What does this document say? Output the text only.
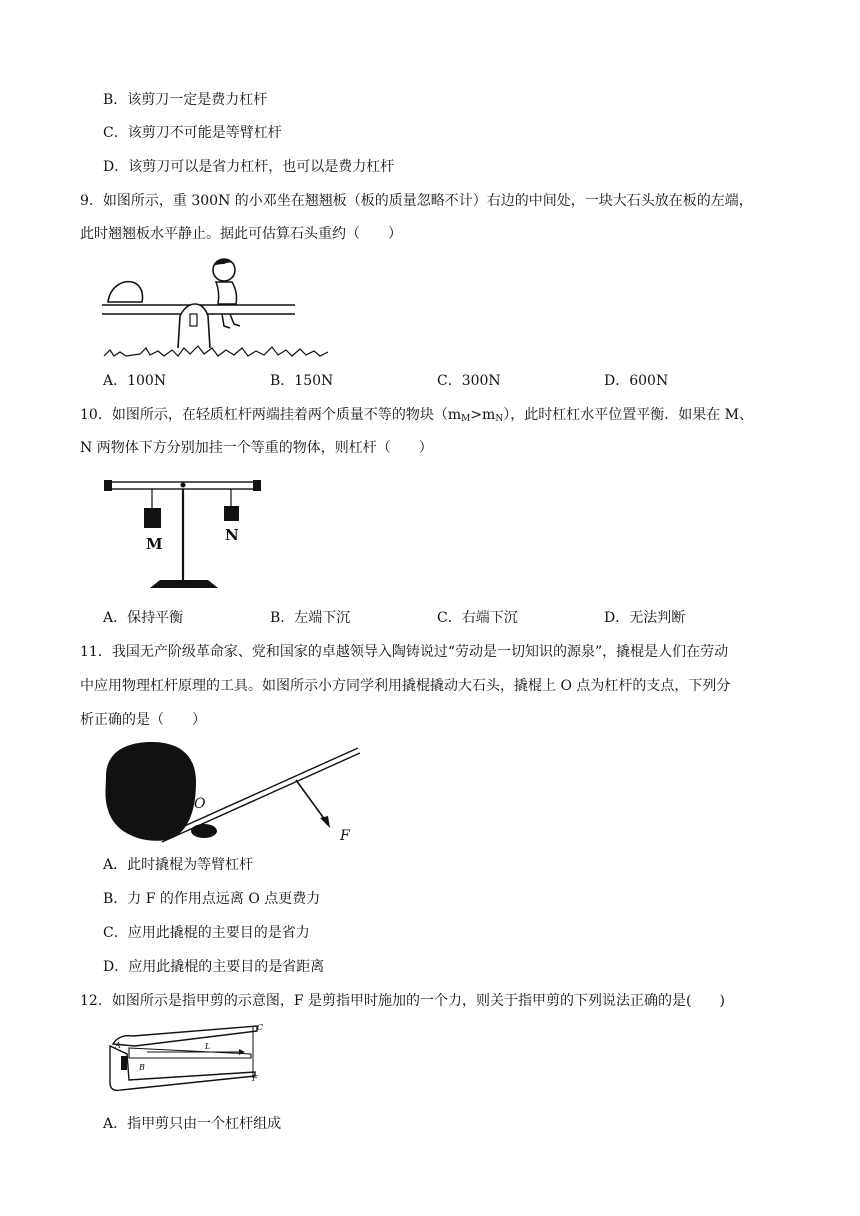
B．该剪刀一定是费力杠杆
C．该剪刀不可能是等臂杠杆
D．该剪刀可以是省力杠杆，也可以是费力杠杆
9．如图所示，重 300N 的小邓坐在翘翘板（板的质量忽略不计）右边的中间处，一块大石头放在板的左端，
此时翘翘板水平静止。据此可估算石头重约（　　）
A．100N	B．150N	C．300N	D．600N
10．如图所示，在轻质杠杆两端挂着两个质量不等的物块$(m_M>m_N)$，此时杠杠水平位置平衡．如果在 M、
N 两物体下方分别加挂一个等重的物体，则杠杆（　　）
M	N
A．保持平衡	B．左端下沉	C．右端下沉	D．无法判断
11．我国无产阶级革命家、党和国家的卓越领导入陶铸说过“劳动是一切知识的源泉”，撬棍是人们在劳动
中应用物理杠杆原理的工具。如图所示小方同学利用撬棍撬动大石头，撬棍上 O 点为杠杆的支点，下列分
析正确的是（　　）
O
F
A．此时撬棍为等臂杠杆
B．力 F 的作用点远离 O 点更费力
C．应用此撬棍的主要目的是省力
D．应用此撬棍的主要目的是省距离
12．如图所示是指甲剪的示意图，F 是剪指甲时施加的一个力，则关于指甲剪的下列说法正确的是(　　)
A
B
C
L
F
A．指甲剪只由一个杠杆组成
